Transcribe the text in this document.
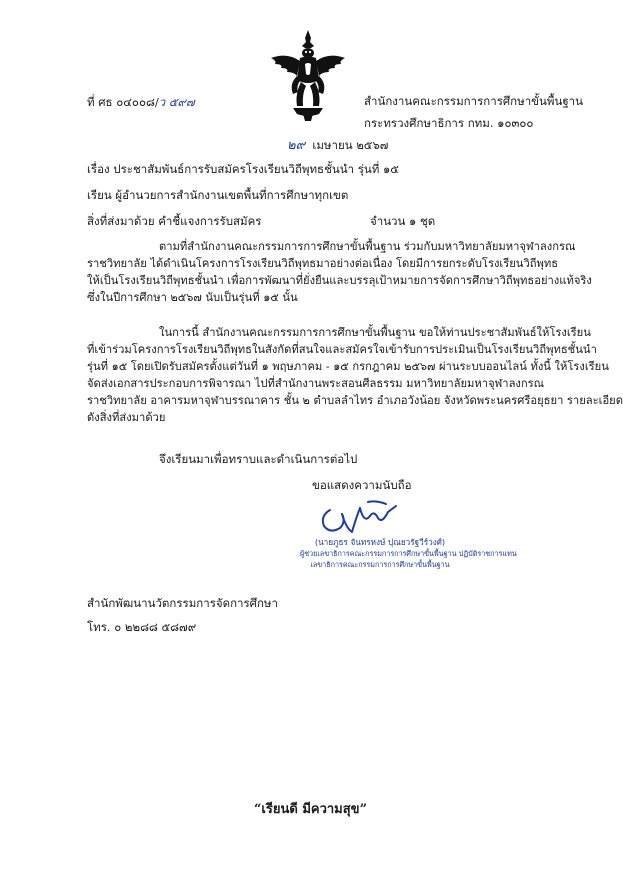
ที่ ศธ ๐๔๐๐๘/ว ๕๙๗	สำนักงานคณะกรรมการการศึกษาขั้นพื้นฐาน
กระทรวงศึกษาธิการ กทม. ๑๐๓๐๐
๒๙ เมษายน ๒๕๖๗
เรื่อง ประชาสัมพันธ์การรับสมัครโรงเรียนวิถีพุทธชั้นนำ รุ่นที่ ๑๕
เรียน ผู้อำนวยการสำนักงานเขตพื้นที่การศึกษาทุกเขต
สิ่งที่ส่งมาด้วย คำชี้แจงการรับสมัคร	จำนวน ๑ ชุด
ตามที่สำนักงานคณะกรรมการการศึกษาขั้นพื้นฐาน ร่วมกับมหาวิทยาลัยมหาจุฬาลงกรณ
ราชวิทยาลัย ได้ดำเนินโครงการโรงเรียนวิถีพุทธมาอย่างต่อเนื่อง โดยมีการยกระดับโรงเรียนวิถีพุทธ
ให้เป็นโรงเรียนวิถีพุทธชั้นนำ เพื่อการพัฒนาที่ยั่งยืนและบรรลุเป้าหมายการจัดการศึกษาวิถีพุทธอย่างแท้จริง
ซึ่งในปีการศึกษา ๒๕๖๗ นับเป็นรุ่นที่ ๑๕ นั้น
ในการนี้ สำนักงานคณะกรรมการการศึกษาขั้นพื้นฐาน ขอให้ท่านประชาสัมพันธ์ให้โรงเรียน
ที่เข้าร่วมโครงการโรงเรียนวิถีพุทธในสังกัดที่สนใจและสมัครใจเข้ารับการประเมินเป็นโรงเรียนวิถีพุทธชั้นนำ
รุ่นที่ ๑๕ โดยเปิดรับสมัครตั้งแต่วันที่ ๑ พฤษภาคม - ๑๕ กรกฎาคม ๒๕๖๗ ผ่านระบบออนไลน์ ทั้งนี้ ให้โรงเรียน
จัดส่งเอกสารประกอบการพิจารณา ไปที่สำนักงานพระสอนศีลธรรม มหาวิทยาลัยมหาจุฬาลงกรณ
ราชวิทยาลัย อาคารมหาจุฬาบรรณาคาร ชั้น ๒ ตำบลลำไทร อำเภอวังน้อย จังหวัดพระนครศรีอยุธยา รายละเอียด
ดังสิ่งที่ส่งมาด้วย
จึงเรียนมาเพื่อทราบและดำเนินการต่อไป
ขอแสดงความนับถือ
(นายภูธร จันทรหงษ์ ปุณยวรัฐวีร์วงศ์)
ผู้ช่วยเลขาธิการคณะกรรมการการศึกษาขั้นพื้นฐาน ปฏิบัติราชการแทน
เลขาธิการคณะกรรมการการศึกษาขั้นพื้นฐาน
สำนักพัฒนานวัตกรรมการจัดการศึกษา
โทร. ๐ ๒๒๘๘ ๕๘๗๙
“เรียนดี มีความสุข”
